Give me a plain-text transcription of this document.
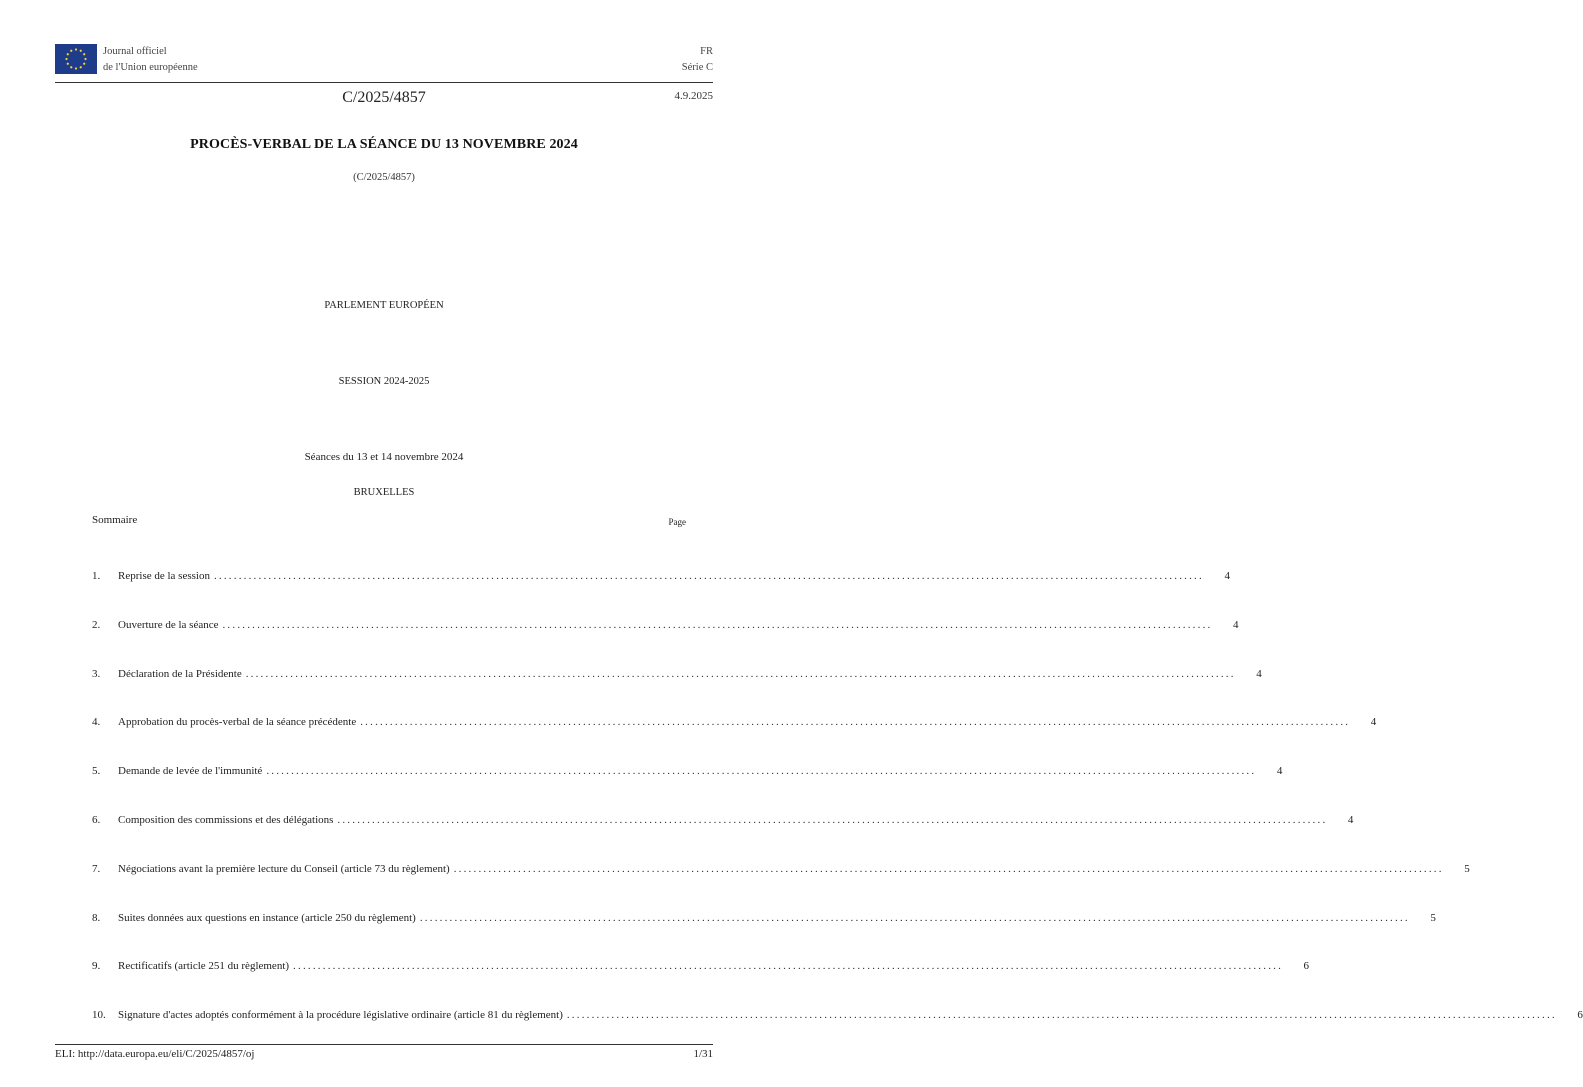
Journal officiel
de l'Union européenne
FR
Série C
C/2025/4857	4.9.2025
PROCÈS-VERBAL DE LA SÉANCE DU 13 NOVEMBRE 2024
(C/2025/4857)
PARLEMENT EUROPÉEN
SESSION 2024-2025
Séances du 13 et 14 novembre 2024
BRUXELLES
Sommaire	Page
1.	Reprise de la session ........................................................................................................................................................................................................ 4
2.	Ouverture de la séance ........................................................................................................................................................................................................ 4
3.	Déclaration de la Présidente ........................................................................................................................................................................................................ 4
4.	Approbation du procès-verbal de la séance précédente ........................................................................................................................................................................................................ 4
5.	Demande de levée de l'immunité ........................................................................................................................................................................................................ 4
6.	Composition des commissions et des délégations ........................................................................................................................................................................................................ 4
7.	Négociations avant la première lecture du Conseil (article 73 du règlement) ........................................................................................................................................................................................................ 5
8.	Suites données aux questions en instance (article 250 du règlement) ........................................................................................................................................................................................................ 5
9.	Rectificatifs (article 251 du règlement) ........................................................................................................................................................................................................ 6
10.	Signature d'actes adoptés conformément à la procédure législative ordinaire (article 81 du règlement) ........................................................................................................................................................................................................ 6
ELI: http://data.europa.eu/eli/C/2025/4857/oj	1/31
